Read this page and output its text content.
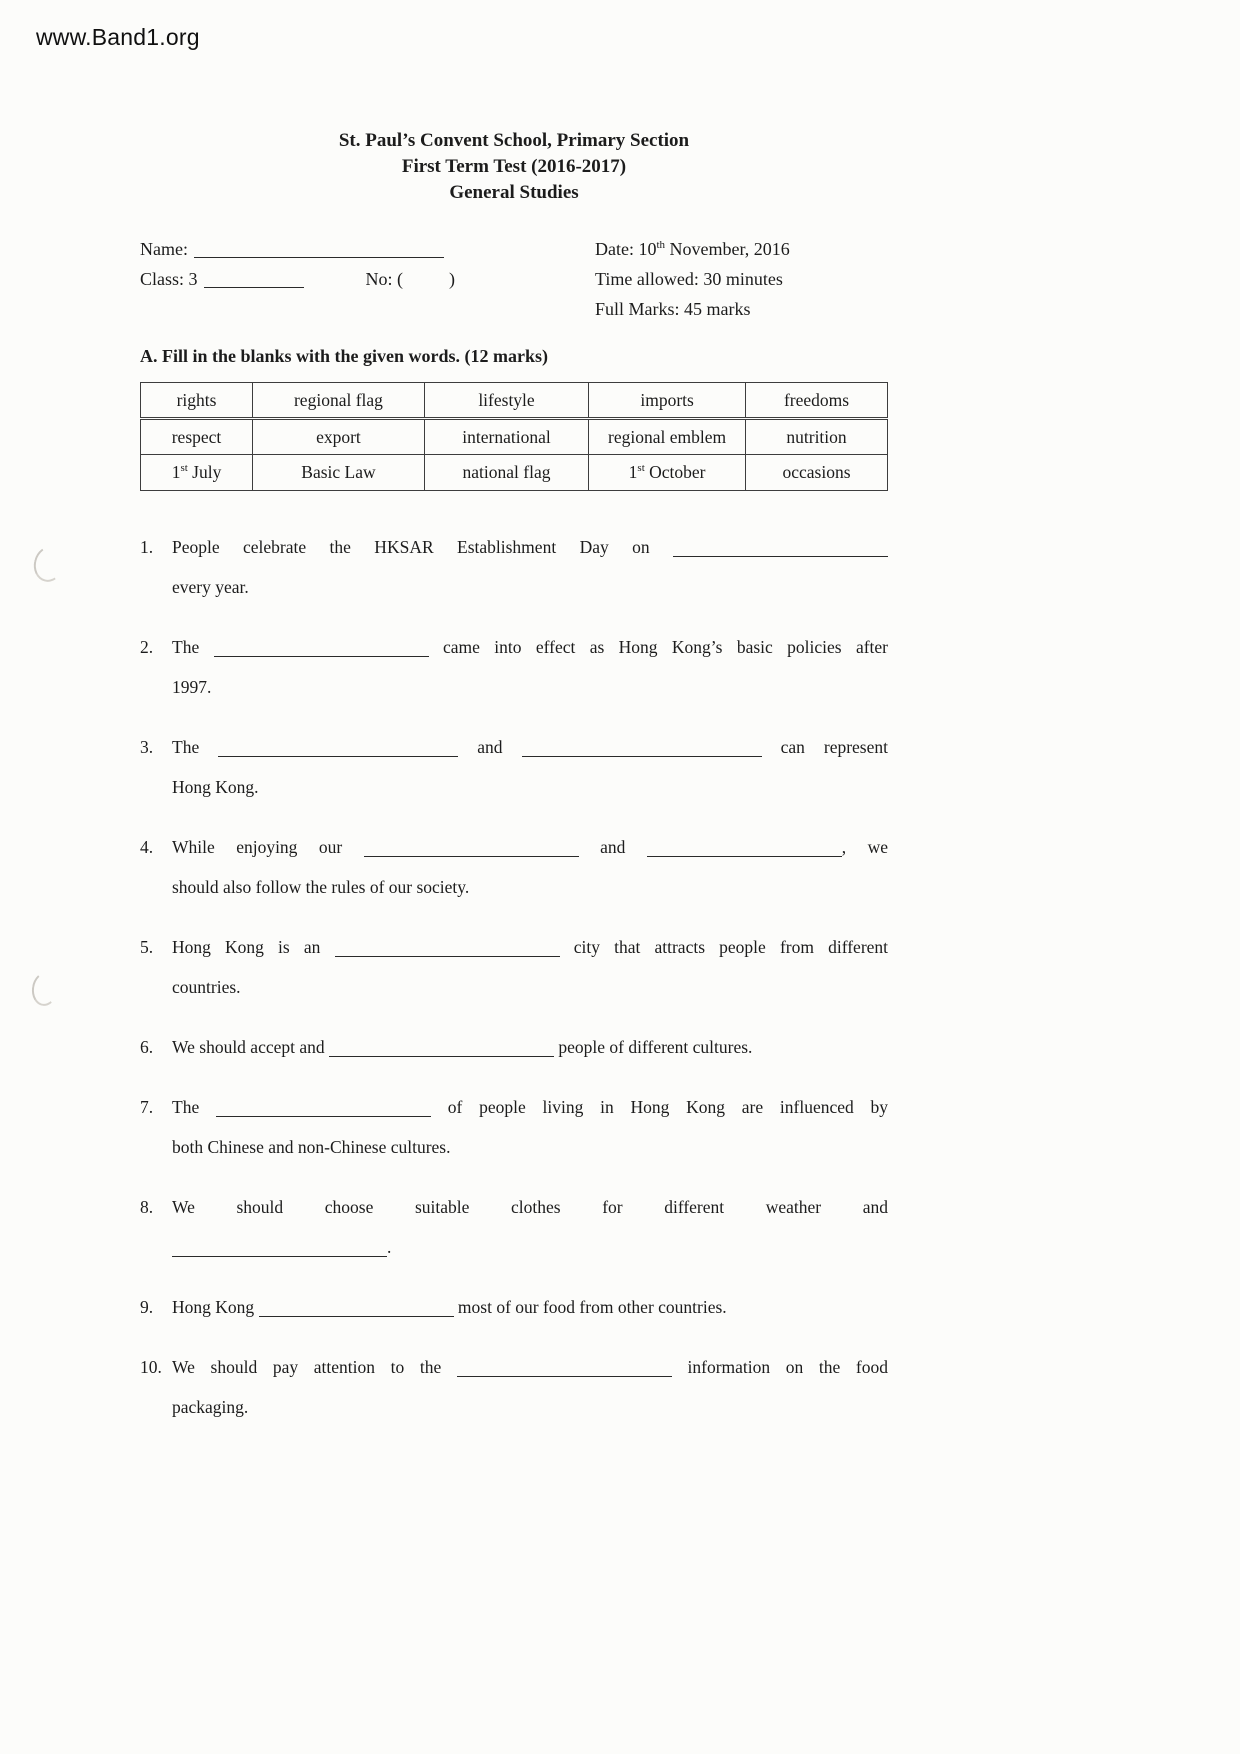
www.Band1.org
St. Paul’s Convent School, Primary Section
First Term Test (2016-2017)
General Studies
Name:
Class: 3	No: (	)
Date: 10th November, 2016
Time allowed: 30 minutes
Full Marks: 45 marks
A. Fill in the blanks with the given words. (12 marks)
rights	regional flag	lifestyle	imports	freedoms
respect	export	international	regional emblem	nutrition
1st July	Basic Law	national flag	1st October	occasions
1.	People celebrate the HKSAR Establishment Day on
every year.
2.	The	came into effect as Hong Kong’s basic policies after
1997.
3.	The	and	can represent
Hong Kong.
4.	While enjoying our	and	, we
should also follow the rules of our society.
5.	Hong Kong is an	city that attracts people from different
countries.
6.	We should accept and	people of different cultures.
7.	The	of people living in Hong Kong are influenced by
both Chinese and non-Chinese cultures.
8.	We should choose suitable clothes for different weather and
.
9.	Hong Kong	most of our food from other countries.
10. We should pay attention to the	information on the food
packaging.
